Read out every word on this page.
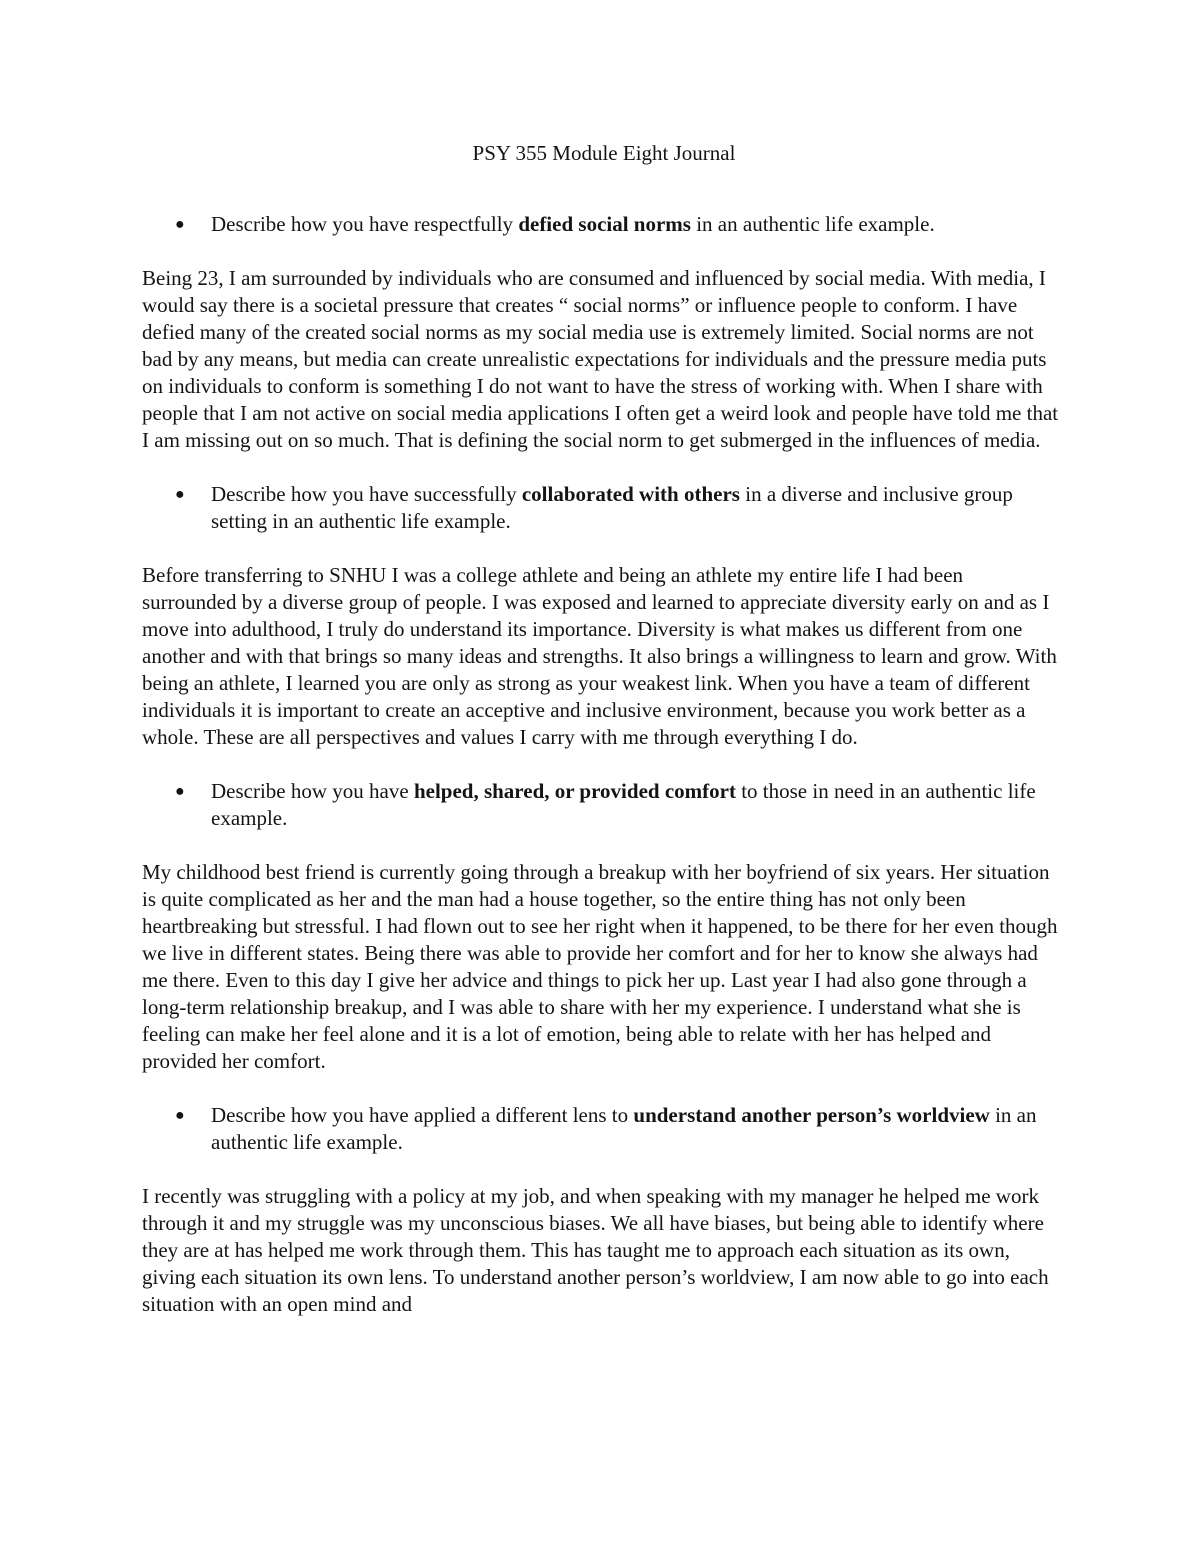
PSY 355 Module Eight Journal
● Describe how you have respectfully defied social norms in an authentic life example.
Being 23, I am surrounded by individuals who are consumed and influenced by social media. With media, I would say there is a societal pressure that creates “ social norms” or influence people to conform. I have defied many of the created social norms as my social media use is extremely limited. Social norms are not bad by any means, but media can create unrealistic expectations for individuals and the pressure media puts on individuals to conform is something I do not want to have the stress of working with. When I share with people that I am not active on social media applications I often get a weird look and people have told me that I am missing out on so much. That is defining the social norm to get submerged in the influences of media.
● Describe how you have successfully collaborated with others in a diverse and inclusive group setting in an authentic life example.
Before transferring to SNHU I was a college athlete and being an athlete my entire life I had been surrounded by a diverse group of people. I was exposed and learned to appreciate diversity early on and as I move into adulthood, I truly do understand its importance. Diversity is what makes us different from one another and with that brings so many ideas and strengths. It also brings a willingness to learn and grow. With being an athlete, I learned you are only as strong as your weakest link. When you have a team of different individuals it is important to create an acceptive and inclusive environment, because you work better as a whole. These are all perspectives and values I carry with me through everything I do.
● Describe how you have helped, shared, or provided comfort to those in need in an authentic life example.
My childhood best friend is currently going through a breakup with her boyfriend of six years. Her situation is quite complicated as her and the man had a house together, so the entire thing has not only been heartbreaking but stressful. I had flown out to see her right when it happened, to be there for her even though we live in different states. Being there was able to provide her comfort and for her to know she always had me there. Even to this day I give her advice and things to pick her up. Last year I had also gone through a long-term relationship breakup, and I was able to share with her my experience. I understand what she is feeling can make her feel alone and it is a lot of emotion, being able to relate with her has helped and provided her comfort.
● Describe how you have applied a different lens to understand another person’s worldview in an authentic life example.
I recently was struggling with a policy at my job, and when speaking with my manager he helped me work through it and my struggle was my unconscious biases. We all have biases, but being able to identify where they are at has helped me work through them. This has taught me to approach each situation as its own, giving each situation its own lens. To understand another person’s worldview, I am now able to go into each situation with an open mind and
